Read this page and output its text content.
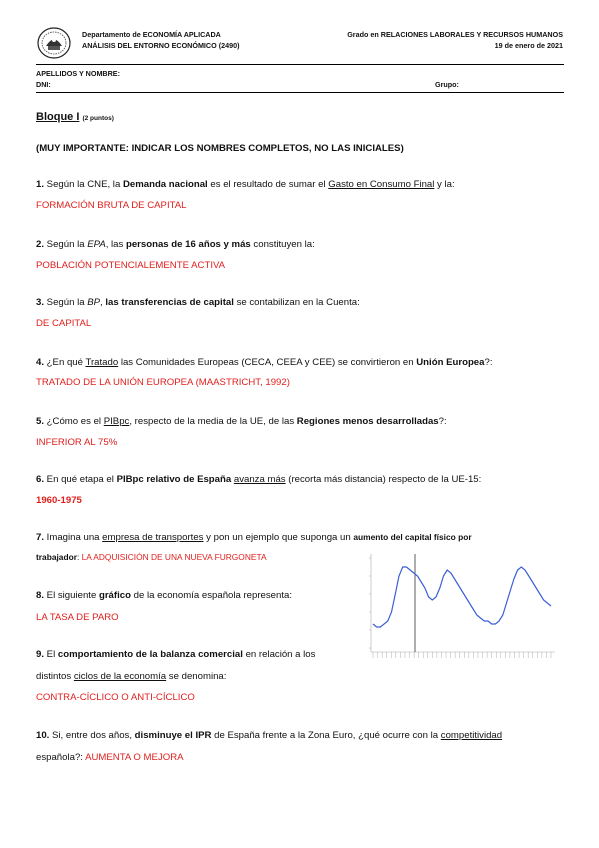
Departamento de ECONOMÍA APLICADA
ANÁLISIS DEL ENTORNO ECONÓMICO (2490)
Grado en RELACIONES LABORALES Y RECURSOS HUMANOS
19 de enero de 2021
APELLIDOS Y NOMBRE:
DNI:	Grupo:
Bloque I (2 puntos)
(MUY IMPORTANTE: INDICAR LOS NOMBRES COMPLETOS, NO LAS INICIALES)
1. Según la CNE, la Demanda nacional es el resultado de sumar el Gasto en Consumo Final y la:
FORMACIÓN BRUTA DE CAPITAL
2. Según la EPA, las personas de 16 años y más constituyen la:
POBLACIÓN POTENCIALEMENTE ACTIVA
3. Según la BP, las transferencias de capital se contabilizan en la Cuenta:
DE CAPITAL
4. ¿En qué Tratado las Comunidades Europeas (CECA, CEEA y CEE) se convirtieron en Unión Europea?:
TRATADO DE LA UNIÓN EUROPEA (MAASTRICHT, 1992)
5. ¿Cómo es el PIBpc, respecto de la media de la UE, de las Regiones menos desarrolladas?:
INFERIOR AL 75%
6. En qué etapa el PIBpc relativo de España avanza más (recorta más distancia) respecto de la UE-15:
1960-1975
7. Imagina una empresa de transportes y pon un ejemplo que suponga un aumento del capital físico por
trabajador: LA ADQUISICIÓN DE UNA NUEVA FURGONETA
8. El siguiente gráfico de la economía española representa:
LA TASA DE PARO
9. El comportamiento de la balanza comercial en relación a los
distintos ciclos de la economía se denomina:
CONTRA-CÍCLICO O ANTI-CÍCLICO
10. Si, entre dos años, disminuye el IPR de España frente a la Zona Euro, ¿qué ocurre con la competitividad
española?: AUMENTA O MEJORA
